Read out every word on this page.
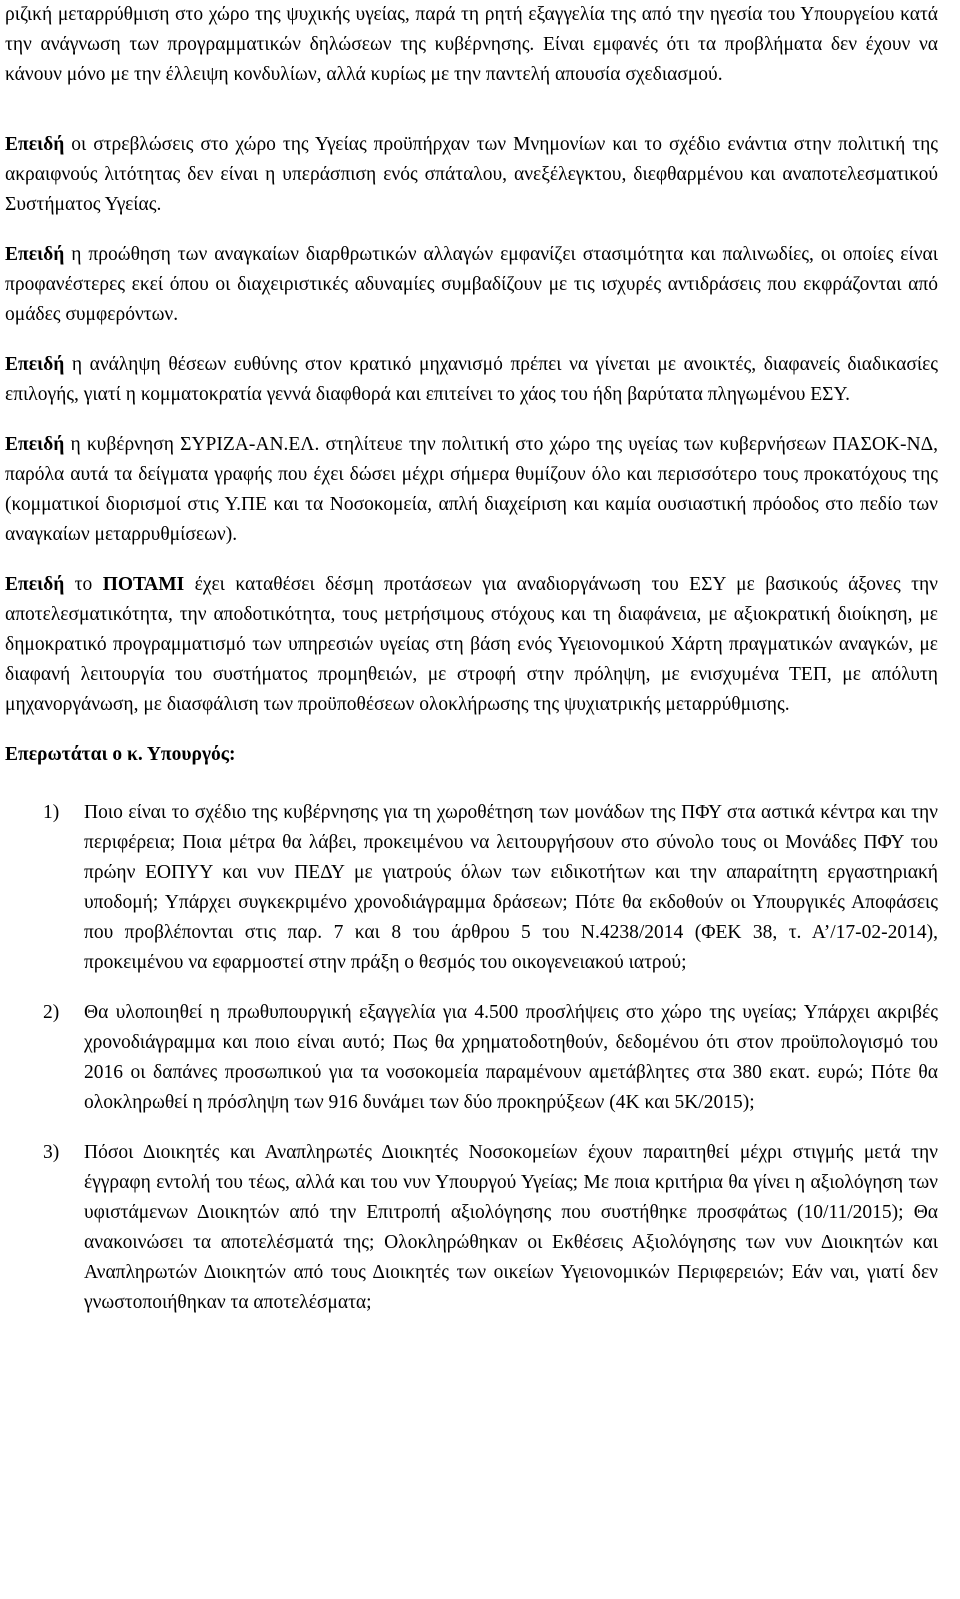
ριζική μεταρρύθμιση στο χώρο της ψυχικής υγείας, παρά τη ρητή εξαγγελία της από την ηγεσία του Υπουργείου κατά την ανάγνωση των προγραμματικών δηλώσεων της κυβέρνησης. Είναι εμφανές ότι τα προβλήματα δεν έχουν να κάνουν μόνο με την έλλειψη κονδυλίων, αλλά κυρίως με την παντελή απουσία σχεδιασμού.

Επειδή οι στρεβλώσεις στο χώρο της Υγείας προϋπήρχαν των Μνημονίων και το σχέδιο ενάντια στην πολιτική της ακραιφνούς λιτότητας δεν είναι η υπεράσπιση ενός σπάταλου, ανεξέλεγκτου, διεφθαρμένου και αναποτελεσματικού Συστήματος Υγείας.

Επειδή η προώθηση των αναγκαίων διαρθρωτικών αλλαγών εμφανίζει στασιμότητα και παλινωδίες, οι οποίες είναι προφανέστερες εκεί όπου οι διαχειριστικές αδυναμίες συμβαδίζουν με τις ισχυρές αντιδράσεις που εκφράζονται από ομάδες συμφερόντων.

Επειδή η ανάληψη θέσεων ευθύνης στον κρατικό μηχανισμό πρέπει να γίνεται με ανοικτές, διαφανείς διαδικασίες επιλογής, γιατί η κομματοκρατία γεννά διαφθορά και επιτείνει το χάος του ήδη βαρύτατα πληγωμένου ΕΣΥ.

Επειδή η κυβέρνηση ΣΥΡΙΖΑ-ΑΝ.ΕΛ. στηλίτευε την πολιτική στο χώρο της υγείας των κυβερνήσεων ΠΑΣΟΚ-ΝΔ, παρόλα αυτά τα δείγματα γραφής που έχει δώσει μέχρι σήμερα θυμίζουν όλο και περισσότερο τους προκατόχους της (κομματικοί διορισμοί στις Υ.ΠΕ και τα Νοσοκομεία, απλή διαχείριση και καμία ουσιαστική πρόοδος στο πεδίο των αναγκαίων μεταρρυθμίσεων).

Επειδή το ΠΟΤΑΜΙ έχει καταθέσει δέσμη προτάσεων για αναδιοργάνωση του ΕΣΥ με βασικούς άξονες την αποτελεσματικότητα, την αποδοτικότητα, τους μετρήσιμους στόχους και τη διαφάνεια, με αξιοκρατική διοίκηση, με δημοκρατικό προγραμματισμό των υπηρεσιών υγείας στη βάση ενός Υγειονομικού Χάρτη πραγματικών αναγκών, με διαφανή λειτουργία του συστήματος προμηθειών, με στροφή στην πρόληψη, με ενισχυμένα ΤΕΠ, με απόλυτη μηχανοργάνωση, με διασφάλιση των προϋποθέσεων ολοκλήρωσης της ψυχιατρικής μεταρρύθμισης.

Επερωτάται ο κ. Υπουργός:
1) Ποιο είναι το σχέδιο της κυβέρνησης για τη χωροθέτηση των μονάδων της ΠΦΥ στα αστικά κέντρα και την περιφέρεια; Ποια μέτρα θα λάβει, προκειμένου να λειτουργήσουν στο σύνολο τους οι Μονάδες ΠΦΥ του πρώην ΕΟΠΥΥ και νυν ΠΕΔΥ με γιατρούς όλων των ειδικοτήτων και την απαραίτητη εργαστηριακή υποδομή; Υπάρχει συγκεκριμένο χρονοδιάγραμμα δράσεων; Πότε θα εκδοθούν οι Υπουργικές Αποφάσεις που προβλέπονται στις παρ. 7 και 8 του άρθρου 5 του Ν.4238/2014 (ΦΕΚ 38, τ. Α’/17-02-2014), προκειμένου να εφαρμοστεί στην πράξη ο θεσμός του οικογενειακού ιατρού;

2) Θα υλοποιηθεί η πρωθυπουργική εξαγγελία για 4.500 προσλήψεις στο χώρο της υγείας; Υπάρχει ακριβές χρονοδιάγραμμα και ποιο είναι αυτό; Πως θα χρηματοδοτηθούν, δεδομένου ότι στον προϋπολογισμό του 2016 οι δαπάνες προσωπικού για τα νοσοκομεία παραμένουν αμετάβλητες στα 380 εκατ. ευρώ; Πότε θα ολοκληρωθεί η πρόσληψη των 916 δυνάμει των δύο προκηρύξεων (4Κ και 5Κ/2015);

3) Πόσοι Διοικητές και Αναπληρωτές Διοικητές Νοσοκομείων έχουν παραιτηθεί μέχρι στιγμής μετά την έγγραφη εντολή του τέως, αλλά και του νυν Υπουργού Υγείας; Με ποια κριτήρια θα γίνει η αξιολόγηση των υφιστάμενων Διοικητών από την Επιτροπή αξιολόγησης που συστήθηκε προσφάτως (10/11/2015); Θα ανακοινώσει τα αποτελέσματά της; Ολοκληρώθηκαν οι Εκθέσεις Αξιολόγησης των νυν Διοικητών και Αναπληρωτών Διοικητών από τους Διοικητές των οικείων Υγειονομικών Περιφερειών; Εάν ναι, γιατί δεν γνωστοποιήθηκαν τα αποτελέσματα;
